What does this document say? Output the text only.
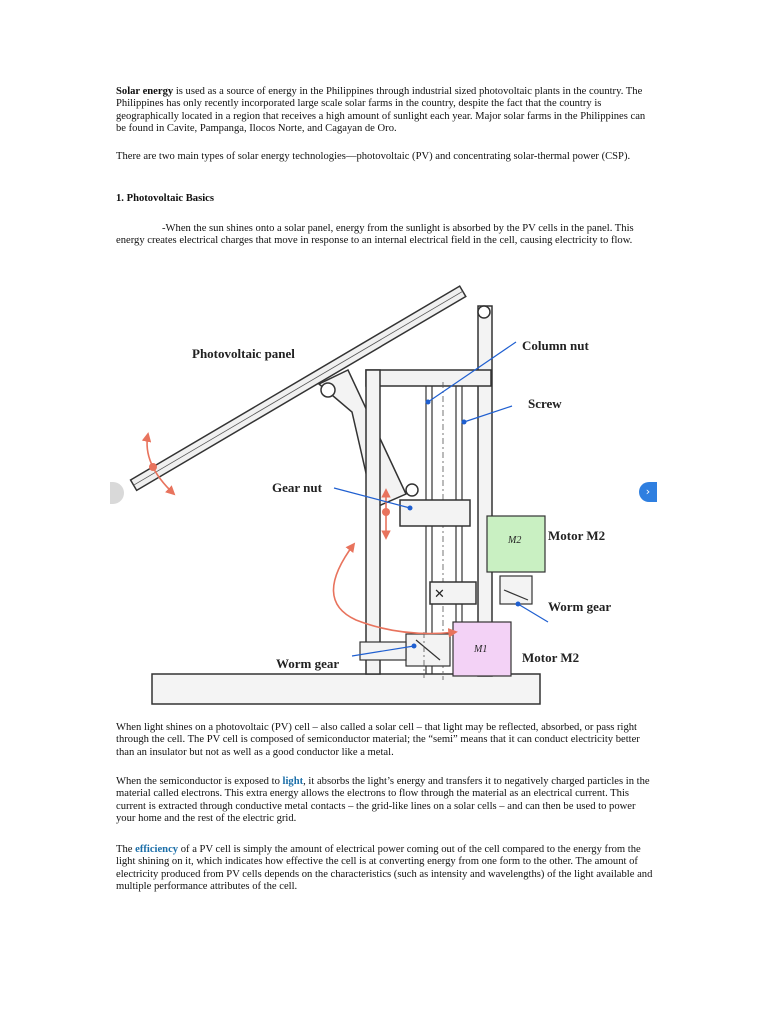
Solar energy is used as a source of energy in the Philippines through industrial sized photovoltaic plants in the country. The Philippines has only recently incorporated large scale solar farms in the country, despite the fact that the country is geographically located in a region that receives a high amount of sunlight each year. Major solar farms in the Philippines can be found in Cavite, Pampanga, Ilocos Norte, and Cagayan de Oro.

There are two main types of solar energy technologies—photovoltaic (PV) and concentrating solar-thermal power (CSP).

1. Photovoltaic Basics

-When the sun shines onto a solar panel, energy from the sunlight is absorbed by the PV cells in the panel. This energy creates electrical charges that move in response to an internal electrical field in the cell, causing electricity to flow.

✕
M2
M1
Photovoltaic panel
Column nut
Screw
Gear nut
Motor M2
Worm gear
Worm gear	Motor M2
›

When light shines on a photovoltaic (PV) cell – also called a solar cell – that light may be reflected, absorbed, or pass right through the cell. The PV cell is composed of semiconductor material; the “semi” means that it can conduct electricity better than an insulator but not as well as a good conductor like a metal.

When the semiconductor is exposed to light, it absorbs the light’s energy and transfers it to negatively charged particles in the material called electrons. This extra energy allows the electrons to flow through the material as an electrical current. This current is extracted through conductive metal contacts – the grid-like lines on a solar cells – and can then be used to power your home and the rest of the electric grid.

The efficiency of a PV cell is simply the amount of electrical power coming out of the cell compared to the energy from the light shining on it, which indicates how effective the cell is at converting energy from one form to the other. The amount of electricity produced from PV cells depends on the characteristics (such as intensity and wavelengths) of the light available and multiple performance attributes of the cell.
